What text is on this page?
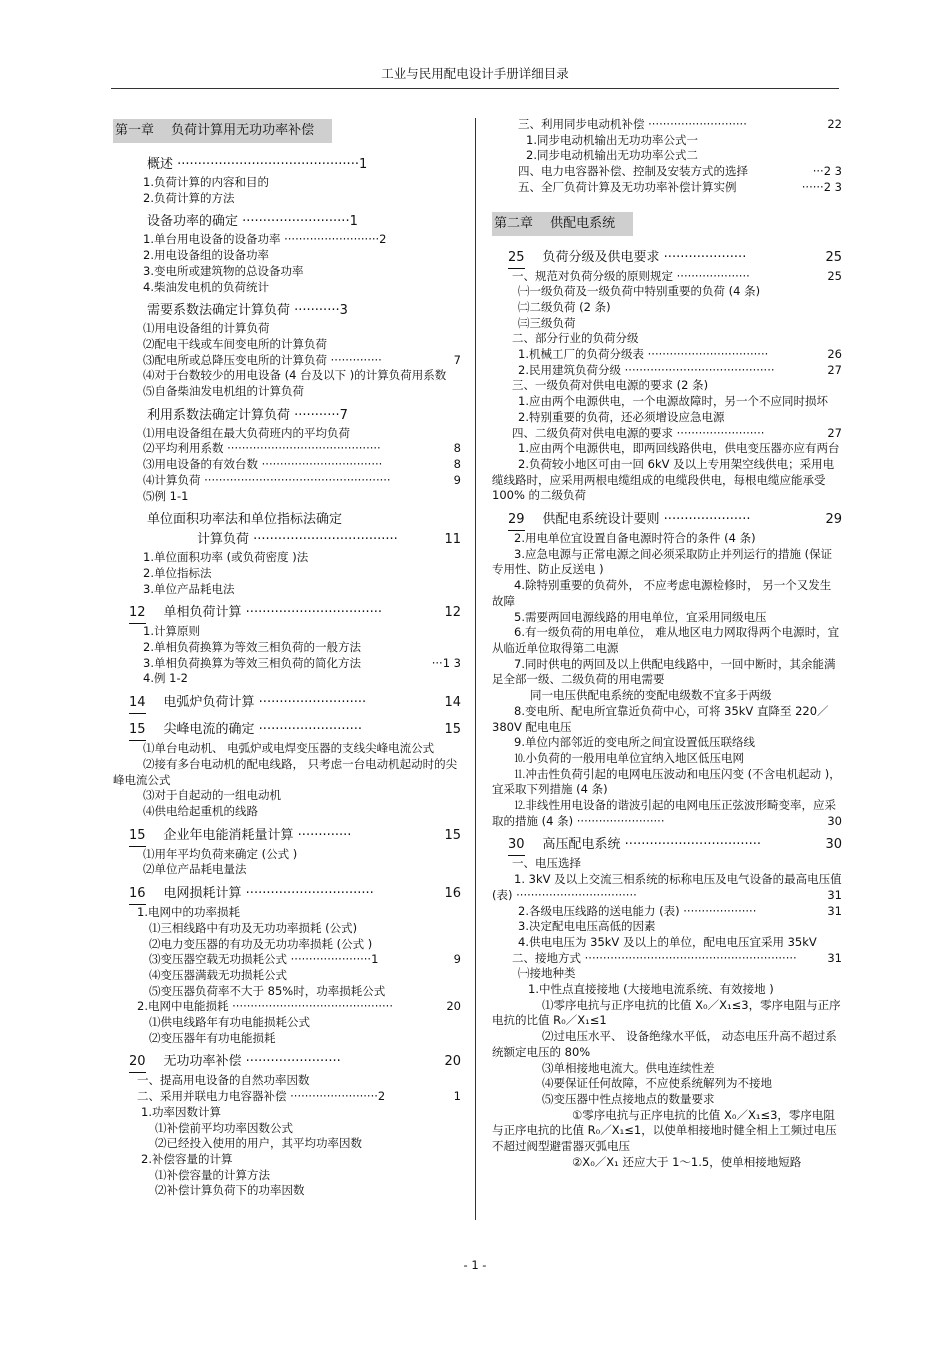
工业与民用配电设计手册详细目录
第一章　 负荷计算用无功功率补偿
概述 ············································1
1.负荷计算的内容和目的
2.负荷计算的方法
设备功率的确定 ··························1
1.单台用电设备的设备功率 ··························2
2.用电设备组的设备功率
3.变电所或建筑物的总设备功率
4.柴油发电机的负荷统计
需要系数法确定计算负荷 ···········3
⑴用电设备组的计算负荷
⑵配电干线或车间变电所的计算负荷
⑶配电所或总降压变电所的计算负荷 ··············	7
⑷对于台数较少的用电设备 (4 台及以下 )的计算负荷用系数
⑸自备柴油发电机组的计算负荷
利用系数法确定计算负荷 ···········7
⑴用电设备组在最大负荷班内的平均负荷
⑵平均利用系数 ··········································	8
⑶用电设备的有效台数 ·································	8
⑷计算负荷 ···················································	9
⑸例 1-1
单位面积功率法和单位指标法确定
计算负荷 ···································	11
1.单位面积功率 (或负荷密度 )法
2.单位指标法
3.单位产品耗电法
12 单相负荷计算 ·································	12
1.计算原则
2.单相负荷换算为等效三相负荷的一般方法
3.单相负荷换算为等效三相负荷的简化方法	···1 3
4.例 1-2
14 电弧炉负荷计算 ··························	14
15 尖峰电流的确定 ·························	15
⑴单台电动机、 电弧炉或电焊变压器的支线尖峰电流公式
⑵接有多台电动机的配电线路， 只考虑一台电动机起动时的尖峰电流公式
⑶对于自起动的一组电动机
⑷供电给起重机的线路
15 企业年电能消耗量计算 ·············	15
⑴用年平均负荷来确定 (公式 )
⑵单位产品耗电量法
16 电网损耗计算 ·······························	16
1.电网中的功率损耗
⑴三相线路中有功及无功功率损耗 (公式)
⑵电力变压器的有功及无功功率损耗 (公式 )
⑶变压器空载无功损耗公式 ······················1	9
⑷变压器满载无功损耗公式
⑸变压器负荷率不大于 85%时，功率损耗公式
2.电网中电能损耗 ············································	20
⑴供电线路年有功电能损耗公式
⑵变压器年有功电能损耗
20 无功功率补偿 ·······················	20
一、提高用电设备的自然功率因数
二、采用并联电力电容器补偿 ························2	1
1.功率因数计算
⑴补偿前平均功率因数公式
⑵已经投入使用的用户，其平均功率因数
2.补偿容量的计算
⑴补偿容量的计算方法
⑵补偿计算负荷下的功率因数
三、利用同步电动机补偿 ···························	22
1.同步电动机输出无功功率公式一
2.同步电动机输出无功功率公式二
四、电力电容器补偿、控制及安装方式的选择	···2 3
五、全厂负荷计算及无功功率补偿计算实例	······2 3
第二章　 供配电系统
25 负荷分级及供电要求 ····················	25
一、规范对负荷分级的原则规定 ····················	25
㈠一级负荷及一级负荷中特别重要的负荷 (4 条)
㈡二级负荷 (2 条)
㈢三级负荷
二、部分行业的负荷分级
1.机械工厂的负荷分级表 ·································	26
2.民用建筑负荷分级 ·········································	27
三、一级负荷对供电电源的要求 (2 条)
1.应由两个电源供电，一个电源故障时，另一个不应同时损坏
2.特别重要的负荷，还必须增设应急电源
四、二级负荷对供电电源的要求 ························	27
1.应由两个电源供电，即两回线路供电，供电变压器亦应有两台
2.负荷较小地区可由一回 6kV 及以上专用架空线供电；采用电缆线路时，应采用两根电缆组成的电缆段供电，每根电缆应能承受 100% 的二级负荷
29 供配电系统设计要则 ·····················	29
2.用电单位宜设置自备电源时符合的条件 (4 条)
3.应急电源与正常电源之间必须采取防止并列运行的措施 (保证专用性、防止反送电 )
4.除特别重要的负荷外， 不应考虑电源检修时， 另一个又发生故障
5.需要两回电源线路的用电单位，宜采用同级电压
6.有一级负荷的用电单位， 难从地区电力网取得两个电源时，宜从临近单位取得第二电源
7.同时供电的两回及以上供配电线路中，一回中断时，其余能满足全部一级、二级负荷的用电需要
同一电压供配电系统的变配电级数不宜多于两级
8.变电所、配电所宜靠近负荷中心，可将 35kV 直降至 220／380V 配电电压
9.单位内部邻近的变电所之间宜设置低压联络线
⒑小负荷的一般用电单位宜纳入地区低压电网
⒒冲击性负荷引起的电网电压波动和电压闪变 (不含电机起动 )，宜采取下列措施 (4 条)
⒓非线性用电设备的谐波引起的电网电压正弦波形畸变率，应采取的措施 (4 条) ························	30
30 高压配电系统 ·································	30
一、电压选择
1. 3kV 及以上交流三相系统的标称电压及电气设备的最高电压值 (表) ·································	31
2.各级电压线路的送电能力 (表) ····················	31
3.决定配电电压高低的因素
4.供电电压为 35kV 及以上的单位，配电电压宜采用 35kV
二、接地方式 ··························································	31
㈠接地种类
1.中性点直接接地 (大接地电流系统、有效接地 )
⑴零序电抗与正序电抗的比值 X₀／X₁≤3，零序电阻与正序电抗的比值 R₀／X₁≤1
⑵过电压水平、 设备绝缘水平低， 动态电压升高不超过系统额定电压的 80%
⑶单相接地电流大。供电连续性差
⑷要保证任何故障，不应使系统解列为不接地
⑸变压器中性点接地点的数量要求
①零序电抗与正序电抗的比值 X₀／X₁≤3，零序电阻与正序电抗的比值 R₀／X₁≤1，以使单相接地时健全相上工频过电压不超过阀型避雷器灭弧电压
②X₀／X₁ 还应大于 1～1.5，使单相接地短路
- 1 -
